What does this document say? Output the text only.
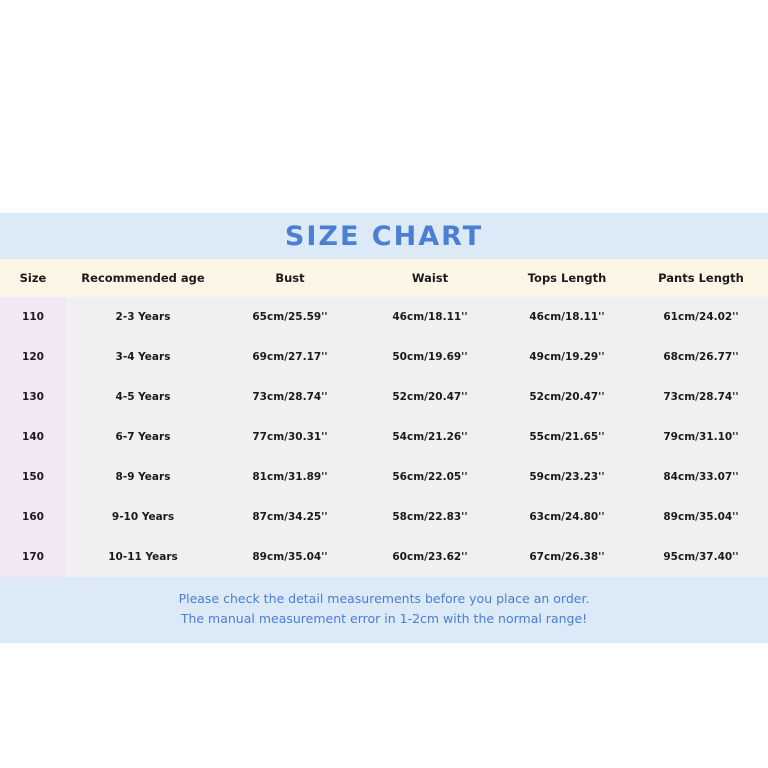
SIZE CHART
Size	Recommended age	Bust	Waist	Tops Length	Pants Length
110	2-3 Years	65cm/25.59''	46cm/18.11''	46cm/18.11''	61cm/24.02''
120	3-4 Years	69cm/27.17''	50cm/19.69''	49cm/19.29''	68cm/26.77''
130	4-5 Years	73cm/28.74''	52cm/20.47''	52cm/20.47''	73cm/28.74''
140	6-7 Years	77cm/30.31''	54cm/21.26''	55cm/21.65''	79cm/31.10''
150	8-9 Years	81cm/31.89''	56cm/22.05''	59cm/23.23''	84cm/33.07''
160	9-10 Years	87cm/34.25''	58cm/22.83''	63cm/24.80''	89cm/35.04''
170	10-11 Years	89cm/35.04''	60cm/23.62''	67cm/26.38''	95cm/37.40''
Please check the detail measurements before you place an order.
The manual measurement error in 1-2cm with the normal range!
